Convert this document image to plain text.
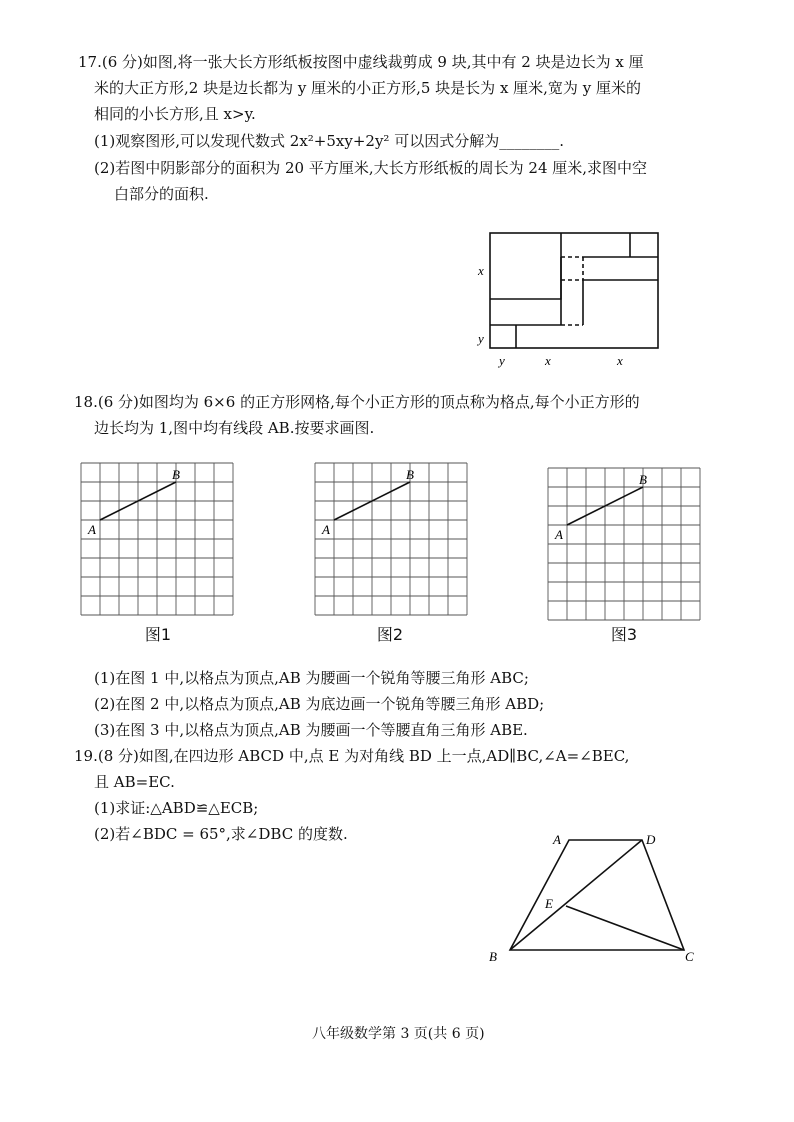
17.(6 分)如图,将一张大长方形纸板按图中虚线裁剪成 9 块,其中有 2 块是边长为 x 厘
米的大正方形,2 块是边长都为 y 厘米的小正方形,5 块是长为 x 厘米,宽为 y 厘米的
相同的小长方形,且 x>y.
(1)观察图形,可以发现代数式 2x²+5xy+2y² 可以因式分解为________.
(2)若图中阴影部分的面积为 20 平方厘米,大长方形纸板的周长为 24 厘米,求图中空
白部分的面积.
x
y
y	x	x
18.(6 分)如图均为 6×6 的正方形网格,每个小正方形的顶点称为格点,每个小正方形的
边长均为 1,图中均有线段 AB.按要求画图.
A
B
A
B
A
B
图1	图2	图3
(1)在图 1 中,以格点为顶点,AB 为腰画一个锐角等腰三角形 ABC;
(2)在图 2 中,以格点为顶点,AB 为底边画一个锐角等腰三角形 ABD;
(3)在图 3 中,以格点为顶点,AB 为腰画一个等腰直角三角形 ABE.
19.(8 分)如图,在四边形 ABCD 中,点 E 为对角线 BD 上一点,AD∥BC,∠A=∠BEC,
且 AB=EC.
(1)求证:△ABD≌△ECB;
(2)若∠BDC = 65°,求∠DBC 的度数.	A	D
E
B	C
八年级数学第 3 页(共 6 页)
